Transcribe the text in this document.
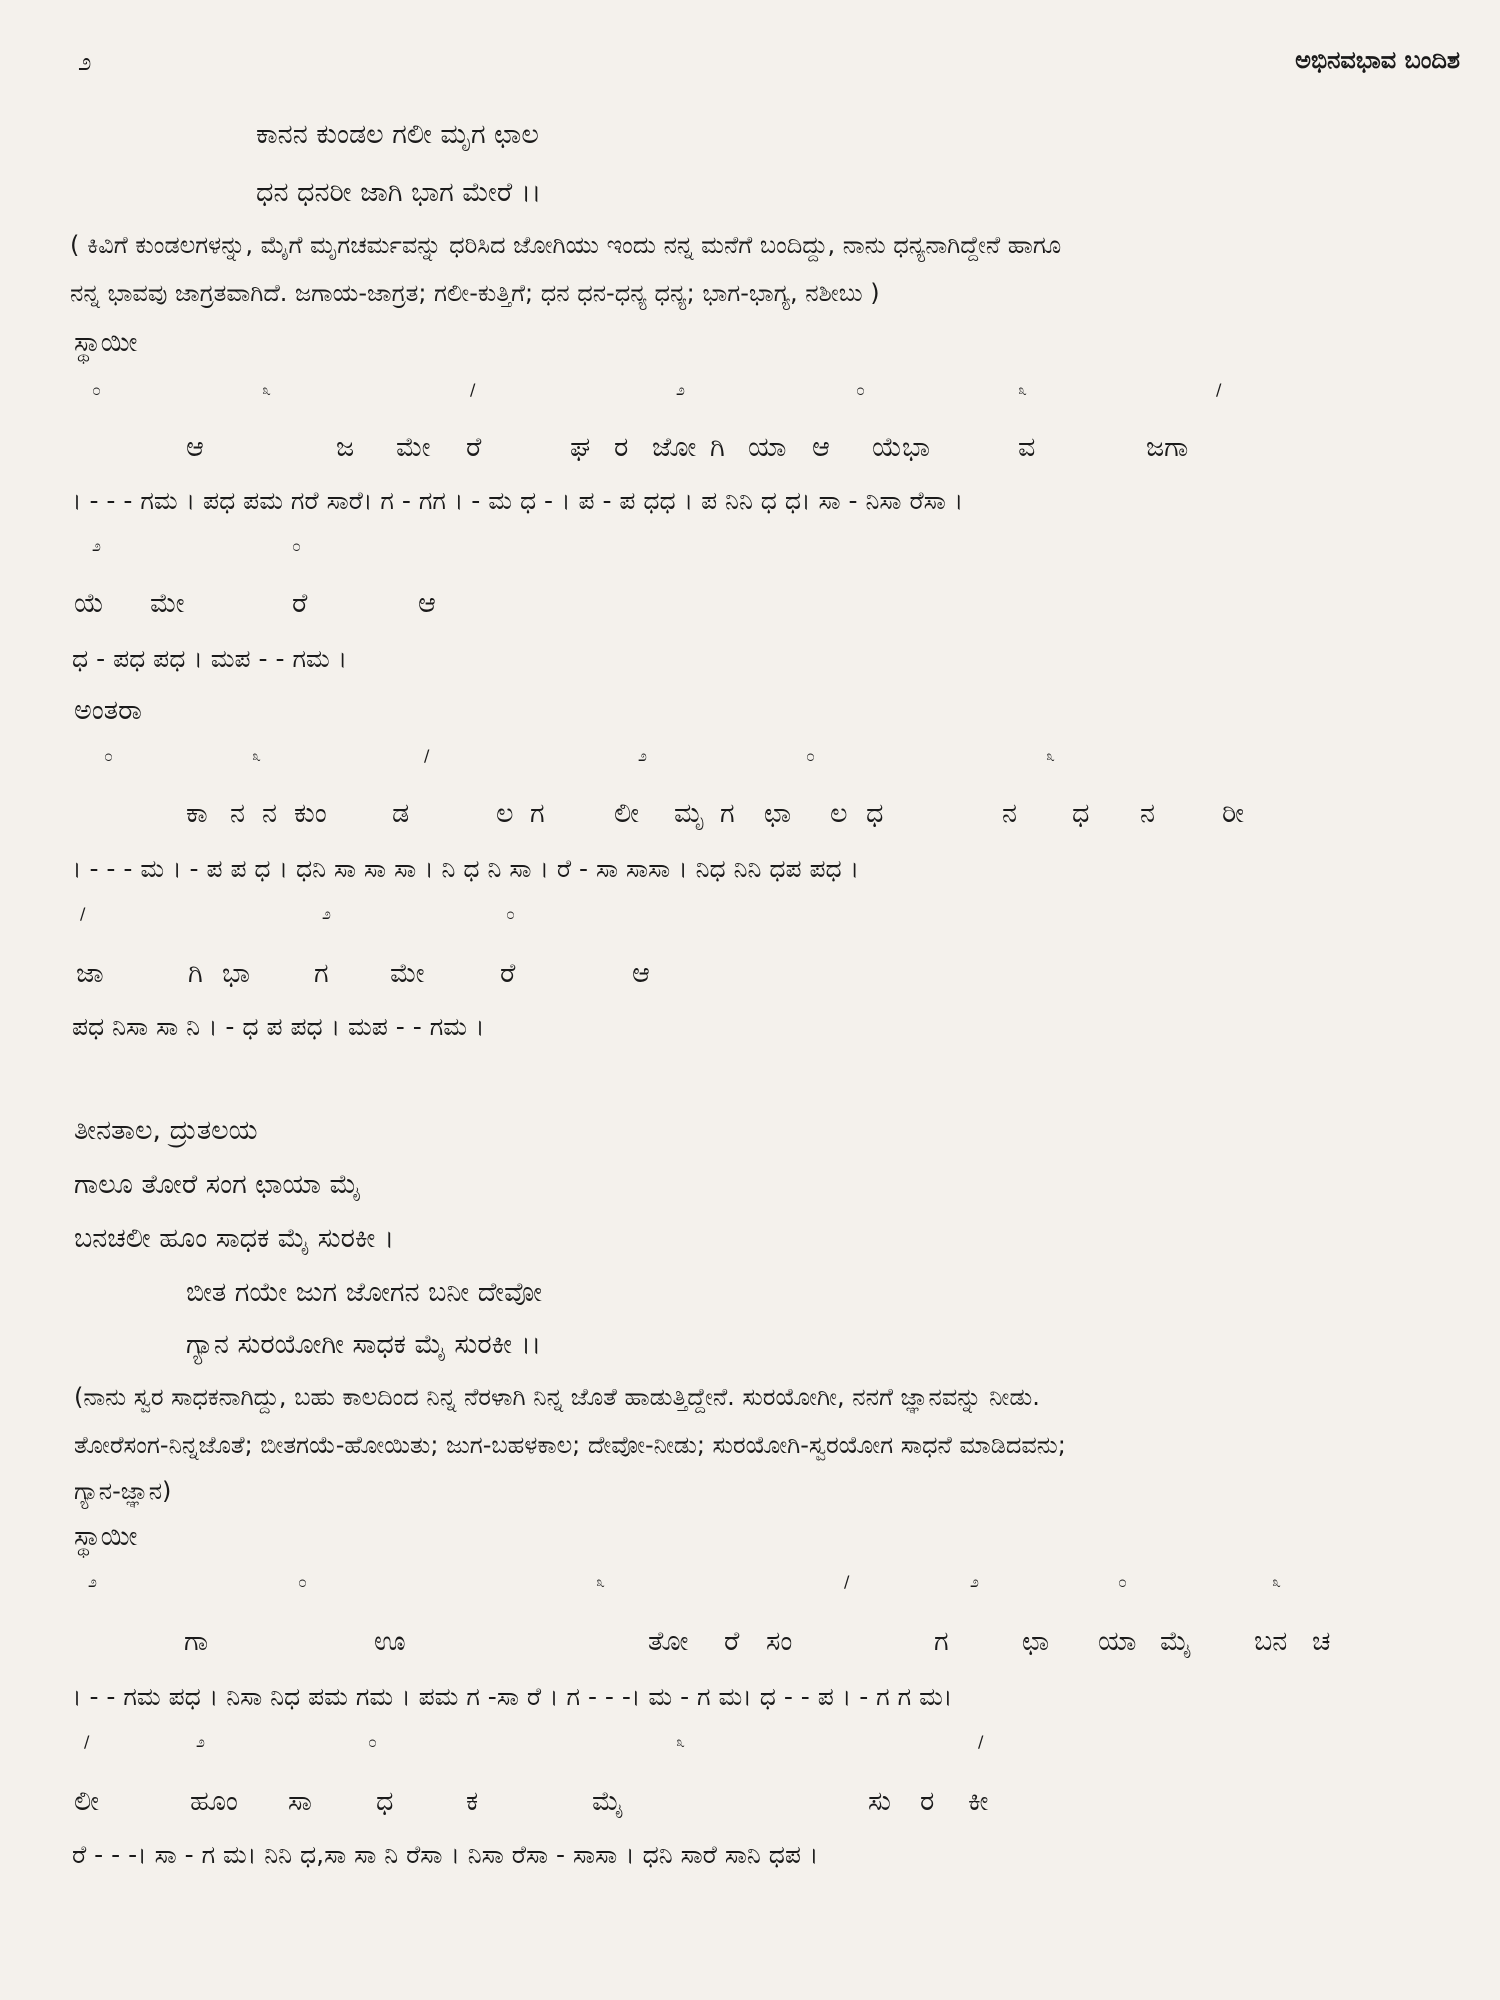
೨	ಅಭಿನವಭಾವ ಬಂದಿಶ
ಕಾನನ ಕುಂಡಲ ಗಲೀ ಮೃಗ ಛಾಲ
ಧನ ಧನರೀ ಜಾಗಿ ಭಾಗ ಮೇರೆ ।।
( ಕಿವಿಗೆ ಕುಂಡಲಗಳನ್ನು, ಮೈಗೆ ಮೃಗಚರ್ಮವನ್ನು ಧರಿಸಿದ ಜೋಗಿಯು ಇಂದು ನನ್ನ ಮನೆಗೆ ಬಂದಿದ್ದು, ನಾನು ಧನ್ಯನಾಗಿದ್ದೇನೆ ಹಾಗೂ
ನನ್ನ ಭಾವವು ಜಾಗ್ರತವಾಗಿದೆ. ಜಗಾಯ-ಜಾಗ್ರತ; ಗಲೀ-ಕುತ್ತಿಗೆ; ಧನ ಧನ-ಧನ್ಯ ಧನ್ಯ; ಭಾಗ-ಭಾಗ್ಯ, ನಶೀಬು )
ಸ್ಥಾಯೀ
೦	೩	/	೨	೦	೩	/
ಆ	ಜ ಮೇ ರೆ	ಘ ರ ಜೋ ಗಿ ಯಾ ಆ ಯೆಭಾ	ವ	ಜಗಾ
। - - - ಗಮ । ಪಧ ಪಮ ಗರೆ ಸಾರೆ। ಗ - ಗಗ । - ಮ ಧ - । ಪ - ಪ ಧಧ । ಪ ನಿನಿ ಧ ಧ। ಸಾ - ನಿಸಾ ರೆಸಾ ।
೨	೦
ಯೆ ಮೇ	ರೆ	ಆ
ಧ - ಪಧ ಪಧ । ಮಪ - - ಗಮ ।
ಅಂತರಾ
೦	೩	/	೨	೦	೩
ಕಾ ನ ನ ಕುಂ ಡ	ಲ ಗ	ಲೀ ಮೃ ಗ ಛಾ ಲ ಧ	ನ ಧ ನ ರೀ
। - - - ಮ । - ಪ ಪ ಧ । ಧನಿ ಸಾ ಸಾ ಸಾ । ನಿ ಧ ನಿ ಸಾ । ರೆ - ಸಾ ಸಾಸಾ । ನಿಧ ನಿನಿ ಧಪ ಪಧ ।
/	೨	೦
ಜಾ	ಗಿ ಭಾ ಗ ಮೇ	ರೆ	ಆ
ಪಧ ನಿಸಾ ಸಾ ನಿ । - ಧ ಪ ಪಧ । ಮಪ - - ಗಮ ।
ತೀನತಾಲ, ದ್ರುತಲಯ
ಗಾಲೂ ತೋರೆ ಸಂಗ ಛಾಯಾ ಮೈ
ಬನಚಲೀ ಹೂಂ ಸಾಧಕ ಮೈ ಸುರಕೀ ।
ಬೀತ ಗಯೇ ಜುಗ ಜೋಗನ ಬನೀ ದೇವೋ
ಗ್ಯಾನ ಸುರಯೋಗೀ ಸಾಧಕ ಮೈ ಸುರಕೀ ।।
(ನಾನು ಸ್ವರ ಸಾಧಕನಾಗಿದ್ದು, ಬಹು ಕಾಲದಿಂದ ನಿನ್ನ ನೆರಳಾಗಿ ನಿನ್ನ ಜೊತೆ ಹಾಡುತ್ತಿದ್ದೇನೆ. ಸುರಯೋಗೀ, ನನಗೆ ಜ್ಞಾನವನ್ನು ನೀಡು.
ತೋರೆಸಂಗ-ನಿನ್ನಜೊತೆ; ಬೀತಗಯೆ-ಹೋಯಿತು; ಜುಗ-ಬಹಳಕಾಲ; ದೇವೋ-ನೀಡು; ಸುರಯೋಗಿ-ಸ್ವರಯೋಗ ಸಾಧನೆ ಮಾಡಿದವನು;
ಗ್ಯಾನ-ಜ್ಞಾನ)
ಸ್ಥಾಯೀ
೨	೦	೩	/	೨	೦	೩
ಗಾ	ಊ	ತೋ ರೆ ಸಂ	ಗ	ಛಾ ಯಾ ಮೈ ಬನ ಚ
। - - ಗಮ ಪಧ । ನಿಸಾ ನಿಧ ಪಮ ಗಮ । ಪಮ ಗ -ಸಾ ರೆ । ಗ - - -। ಮ - ಗ ಮ। ಧ - - ಪ । - ಗ ಗ ಮ।
/	೨	೦	೩	/
ಲೀ	ಹೂಂ ಸಾ ಧ	ಕ	ಮೈ	ಸು ರ ಕೀ
ರೆ - - -। ಸಾ - ಗ ಮ। ನಿನಿ ಧ,ಸಾ ಸಾ ನಿ ರೆಸಾ । ನಿಸಾ ರೆಸಾ - ಸಾಸಾ । ಧನಿ ಸಾರೆ ಸಾನಿ ಧಪ ।
